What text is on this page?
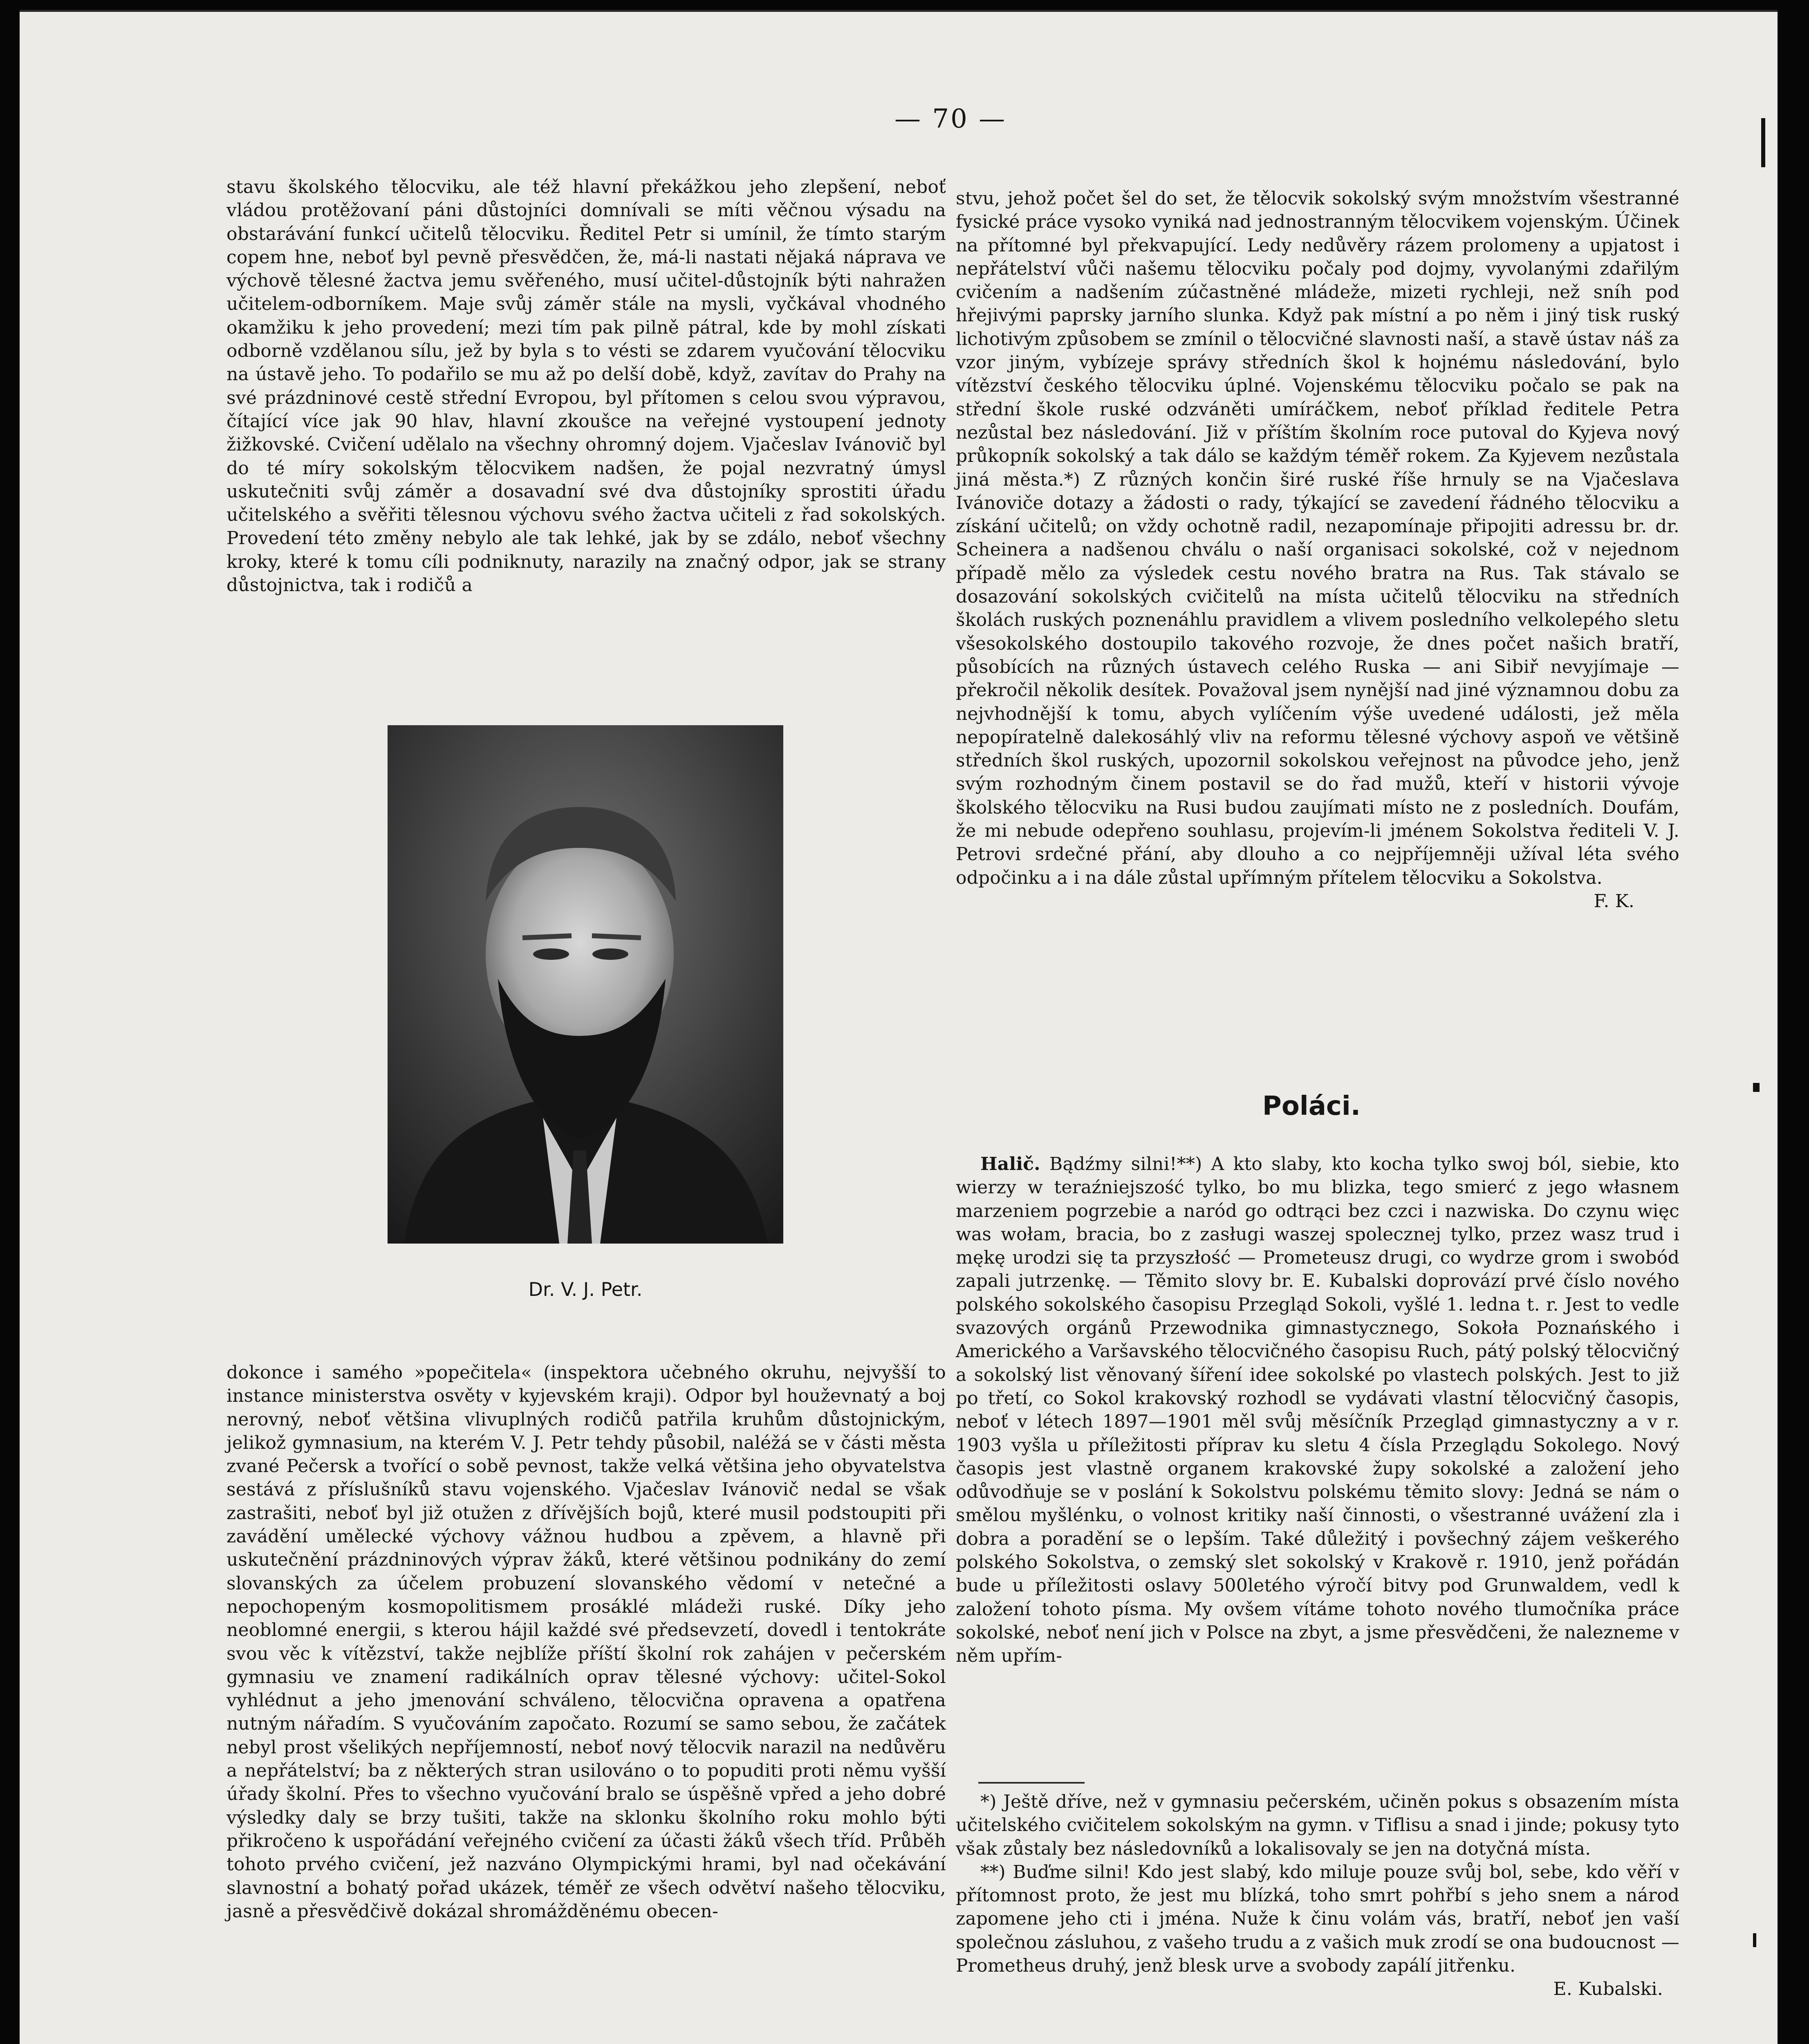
— 70 —

stavu školského tělocviku, ale též hlavní překážkou jeho zlepšení, neboť vládou protěžovaní páni důstojníci domnívali se míti věčnou výsadu na obstarávání funkcí učitelů tělocviku. Ředitel Petr si umínil, že tímto starým copem hne, neboť byl pevně přesvědčen, že, má-li nastati nějaká náprava ve výchově tělesné žactva jemu svěřeného, musí učitel-důstojník býti nahražen učitelem-odborníkem. Maje svůj záměr stále na mysli, vyčkával vhodného okamžiku k jeho provedení; mezi tím pak pilně pátral, kde by mohl získati odborně vzdělanou sílu, jež by byla s to vésti se zdarem vyučování tělocviku na ústavě jeho. To podařilo se mu až po delší době, když, zavítav do Prahy na své prázdninové cestě střední Evropou, byl přítomen s celou svou výpravou, čítající více jak 90 hlav, hlavní zkoušce na veřejné vystoupení jednoty žižkovské. Cvičení udělalo na všechny ohromný dojem. Vjačeslav Ivánovič byl do té míry sokolským tělocvikem nadšen, že pojal nezvratný úmysl uskutečniti svůj záměr a dosavadní své dva důstojníky sprostiti úřadu učitelského a svěřiti tělesnou výchovu svého žactva učiteli z řad sokolských. Provedení této změny nebylo ale tak lehké, jak by se zdálo, neboť všechny kroky, které k tomu cíli podniknuty, narazily na značný odpor, jak se strany důstojnictva, tak i rodičů a

Dr. V. J. Petr.

dokonce i samého »popečitela« (inspektora učebného okruhu, nejvyšší to instance ministerstva osvěty v kyjevském kraji). Odpor byl houževnatý a boj nerovný, neboť většina vlivuplných rodičů patřila kruhům důstojnickým, jelikož gymnasium, na kterém V. J. Petr tehdy působil, naléžá se v části města zvané Pečersk a tvořící o sobě pevnost, takže velká většina jeho obyvatelstva sestává z příslušníků stavu vojenského. Vjačeslav Ivánovič nedal se však zastrašiti, neboť byl již otužen z dřívějších bojů, které musil podstoupiti při zavádění umělecké výchovy vážnou hudbou a zpěvem, a hlavně při uskutečnění prázdninových výprav žáků, které většinou podnikány do zemí slovanských za účelem probuzení slovanského vědomí v netečné a nepochopeným kosmopolitismem prosáklé mládeži ruské. Díky jeho neoblomné energii, s kterou hájil každé své předsevzetí, dovedl i tentokráte svou věc k vítězství, takže nejblíže příští školní rok zahájen v pečerském gymnasiu ve znamení radikálních oprav tělesné výchovy: učitel-Sokol vyhlédnut a jeho jmenování schváleno, tělocvična opravena a opatřena nutným nářadím. S vyučováním započato. Rozumí se samo sebou, že začátek nebyl prost všelikých nepříjemností, neboť nový tělocvik narazil na nedůvěru a nepřátelství; ba z některých stran usilováno o to popuditi proti němu vyšší úřady školní. Přes to všechno vyučování bralo se úspěšně vpřed a jeho dobré výsledky daly se brzy tušiti, takže na sklonku školního roku mohlo býti přikročeno k uspořádání veřejného cvičení za účasti žáků všech tříd. Průběh tohoto prvého cvičení, jež nazváno Olympickými hrami, byl nad očekávání slavnostní a bohatý pořad ukázek, téměř ze všech odvětví našeho tělocviku, jasně a přesvědčivě dokázal shromážděnému obecen-

stvu, jehož počet šel do set, že tělocvik sokolský svým množstvím všestranné fysické práce vysoko vyniká nad jednostranným tělocvikem vojenským. Účinek na přítomné byl překvapující. Ledy nedůvěry rázem prolomeny a upjatost i nepřátelství vůči našemu tělocviku počaly pod dojmy, vyvolanými zdařilým cvičením a nadšením zúčastněné mládeže, mizeti rychleji, než sníh pod hřejivými paprsky jarního slunka. Když pak místní a po něm i jiný tisk ruský lichotivým způsobem se zmínil o tělocvičné slavnosti naší, a stavě ústav náš za vzor jiným, vybízeje správy středních škol k hojnému následování, bylo vítězství českého tělocviku úplné. Vojenskému tělocviku počalo se pak na střední škole ruské odzváněti umíráčkem, neboť příklad ředitele Petra nezůstal bez následování. Již v příštím školním roce putoval do Kyjeva nový průkopník sokolský a tak dálo se každým téměř rokem. Za Kyjevem nezůstala jiná města.*) Z různých končin širé ruské říše hrnuly se na Vjačeslava Ivánoviče dotazy a žádosti o rady, týkající se zavedení řádného tělocviku a získání učitelů; on vždy ochotně radil, nezapomínaje připojiti adressu br. dr. Scheinera a nadšenou chválu o naší organisaci sokolské, což v nejednom případě mělo za výsledek cestu nového bratra na Rus. Tak stávalo se dosazování sokolských cvičitelů na místa učitelů tělocviku na středních školách ruských poznenáhlu pravidlem a vlivem posledního velkolepého sletu všesokolského dostoupilo takového rozvoje, že dnes počet našich bratří, působících na různých ústavech celého Ruska — ani Sibiř nevyjímaje — překročil několik desítek. Považoval jsem nynější nad jiné významnou dobu za nejvhodnější k tomu, abych vylíčením výše uvedené události, jež měla nepopíratelně dalekosáhlý vliv na reformu tělesné výchovy aspoň ve většině středních škol ruských, upozornil sokolskou veřejnost na původce jeho, jenž svým rozhodným činem postavil se do řad mužů, kteří v historii vývoje školského tělocviku na Rusi budou zaujímati místo ne z posledních. Doufám, že mi nebude odepřeno souhlasu, projevím-li jménem Sokolstva řediteli V. J. Petrovi srdečné přání, aby dlouho a co nejpříjemněji užíval léta svého odpočinku a i na dále zůstal upřímným přítelem tělocviku a Sokolstva.

F. K.
Poláci.

Halič. Bądźmy silni!**) A kto slaby, kto kocha tylko swoj ból, siebie, kto wierzy w teraźniejszość tylko, bo mu blizka, tego smierć z jego własnem marzeniem pogrzebie a naród go odtrąci bez czci i nazwiska. Do czynu więc was wołam, bracia, bo z zasługi waszej spolecznej tylko, przez wasz trud i mękę urodzi się ta przyszłość — Prometeusz drugi, co wydrze grom i swobód zapali jutrzenkę. — Těmito slovy br. E. Kubalski doprovází prvé číslo nového polského sokolského časopisu Przegląd Sokoli, vyšlé 1. ledna t. r. Jest to vedle svazových orgánů Przewodnika gimnastycznego, Sokoła Poznańského i Amerického a Varšavského tělocvičného časopisu Ruch, pátý polský tělocvičný a sokolský list věnovaný šíření idee sokolské po vlastech polských. Jest to již po třetí, co Sokol krakovský rozhodl se vydávati vlastní tělocvičný časopis, neboť v létech 1897—1901 měl svůj měsíčník Przegląd gimnastyczny a v r. 1903 vyšla u příležitosti příprav ku sletu 4 čísla Przeglądu Sokolego. Nový časopis jest vlastně organem krakovské župy sokolské a založení jeho odůvodňuje se v poslání k Sokolstvu polskému těmito slovy: Jedná se nám o smělou myšlénku, o volnost kritiky naší činnosti, o všestranné uvážení zla i dobra a poradění se o lepším. Také důležitý i povšechný zájem veškerého polského Sokolstva, o zemský slet sokolský v Krakově r. 1910, jenž pořádán bude u příležitosti oslavy 500letého výročí bitvy pod Grunwaldem, vedl k založení tohoto písma. My ovšem vítáme tohoto nového tlumočníka práce sokolské, neboť není jich v Polsce na zbyt, a jsme přesvědčeni, že nalezneme v něm upřím-

*) Ještě dříve, než v gymnasiu pečerském, učiněn pokus s obsazením místa učitelského cvičitelem sokolským na gymn. v Tiflisu a snad i jinde; pokusy tyto však zůstaly bez následovníků a lokalisovaly se jen na dotyčná místa.

**) Buďme silni! Kdo jest slabý, kdo miluje pouze svůj bol, sebe, kdo věří v přítomnost proto, že jest mu blízká, toho smrt pohřbí s jeho snem a národ zapomene jeho cti i jména. Nuže k činu volám vás, bratří, neboť jen vaší společnou zásluhou, z vašeho trudu a z vašich muk zrodí se ona budoucnost — Prometheus druhý, jenž blesk urve a svobody zapálí jitřenku.

E. Kubalski.
